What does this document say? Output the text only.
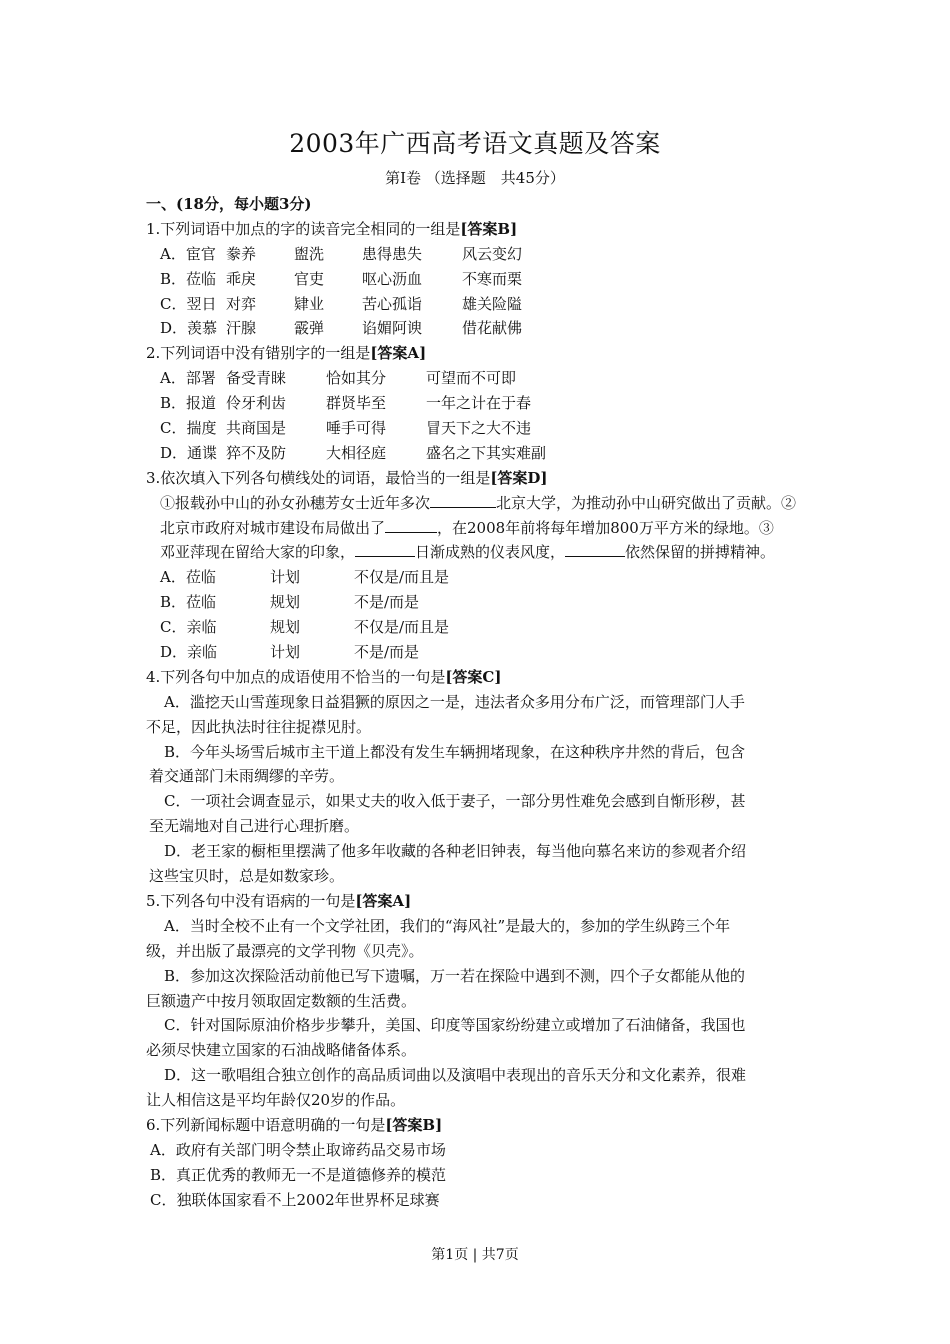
2003年广西高考语文真题及答案
第Ⅰ卷 （选择题　共45分）
一、(18分，每小题3分)
1.下列词语中加点的字的读音完全相同的一组是[答案B]
A．宦官 豢养	盥洗	患得患失	风云变幻
B．莅临 乖戾	官吏	呕心沥血	不寒而栗
C．翌日 对弈	肄业	苦心孤诣	雄关险隘
D．羡慕 汗腺	霰弹	谄媚阿谀	借花献佛
2.下列词语中没有错别字的一组是[答案A]
A．部署 备受青睐	恰如其分	可望而不可即
B．报道 伶牙利齿	群贤毕至	一年之计在于春
C．揣度 共商国是	唾手可得	冒天下之大不违
D．通谍 猝不及防	大相径庭	盛名之下其实难副
3.依次填入下列各句横线处的词语，最恰当的一组是[答案D]
①报载孙中山的孙女孙穗芳女士近年多次	北京大学，为推动孙中山研究做出了贡献。②
北京市政府对城市建设布局做出了	，在2008年前将每年增加800万平方米的绿地。③
邓亚萍现在留给大家的印象，	日渐成熟的仪表风度，	依然保留的拼搏精神。
A．莅临	计划	不仅是/而且是
B．莅临	规划	不是/而是
C．亲临	规划	不仅是/而且是
D．亲临	计划	不是/而是
4.下列各句中加点的成语使用不恰当的一句是[答案C]
A．滥挖天山雪莲现象日益猖獗的原因之一是，违法者众多用分布广泛，而管理部门人手
不足，因此执法时往往捉襟见肘。
B．今年头场雪后城市主干道上都没有发生车辆拥堵现象，在这种秩序井然的背后，包含
着交通部门未雨绸缪的辛劳。
C．一项社会调查显示，如果丈夫的收入低于妻子，一部分男性难免会感到自惭形秽，甚
至无端地对自己进行心理折磨。
D．老王家的橱柜里摆满了他多年收藏的各种老旧钟表，每当他向慕名来访的参观者介绍
这些宝贝时，总是如数家珍。
5.下列各句中没有语病的一句是[答案A]
A．当时全校不止有一个文学社团，我们的“海风社”是最大的，参加的学生纵跨三个年
级，并出版了最漂亮的文学刊物《贝壳》。
B．参加这次探险活动前他已写下遗嘱，万一若在探险中遇到不测，四个子女都能从他的
巨额遗产中按月领取固定数额的生活费。
C．针对国际原油价格步步攀升，美国、印度等国家纷纷建立或增加了石油储备，我国也
必须尽快建立国家的石油战略储备体系。
D．这一歌唱组合独立创作的高品质词曲以及演唱中表现出的音乐天分和文化素养，很难
让人相信这是平均年龄仅20岁的作品。
6.下列新闻标题中语意明确的一句是[答案B]
A．政府有关部门明令禁止取谛药品交易市场
B．真正优秀的教师无一不是道德修养的模范
C．独联体国家看不上2002年世界杯足球赛
第1页 | 共7页
